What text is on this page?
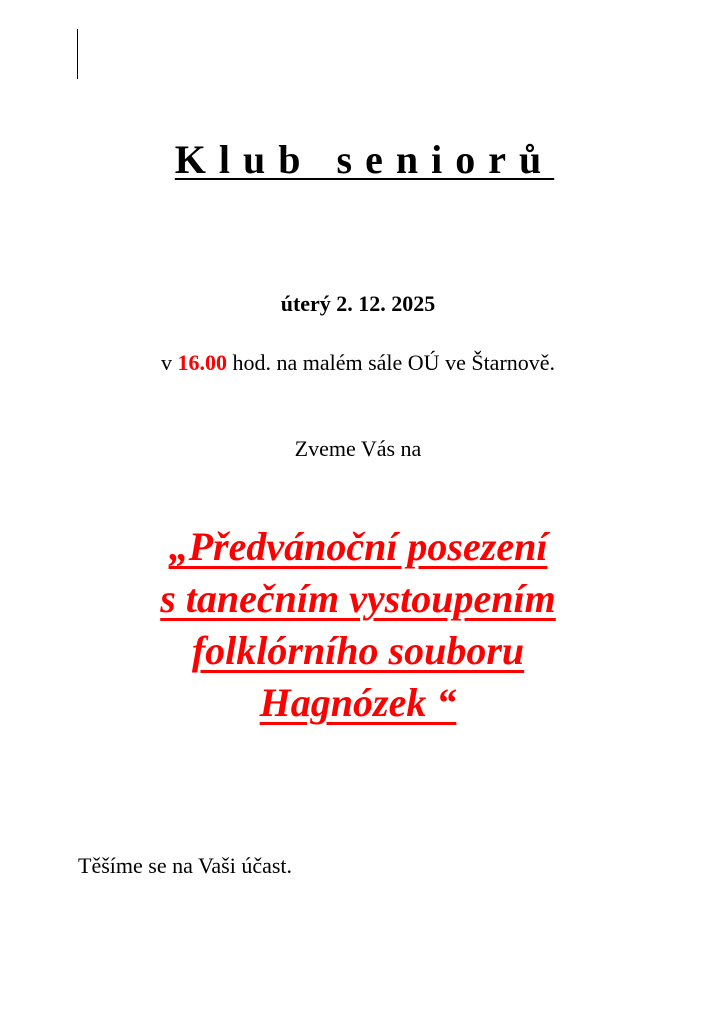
Klub seniorů
úterý 2. 12. 2025
v 16.00 hod. na malém sále OÚ ve Štarnově.
Zveme Vás na
„Předvánoční posezení
s tanečním vystoupením
folklórního souboru
Hagnózek “
Těšíme se na Vaši účast.
